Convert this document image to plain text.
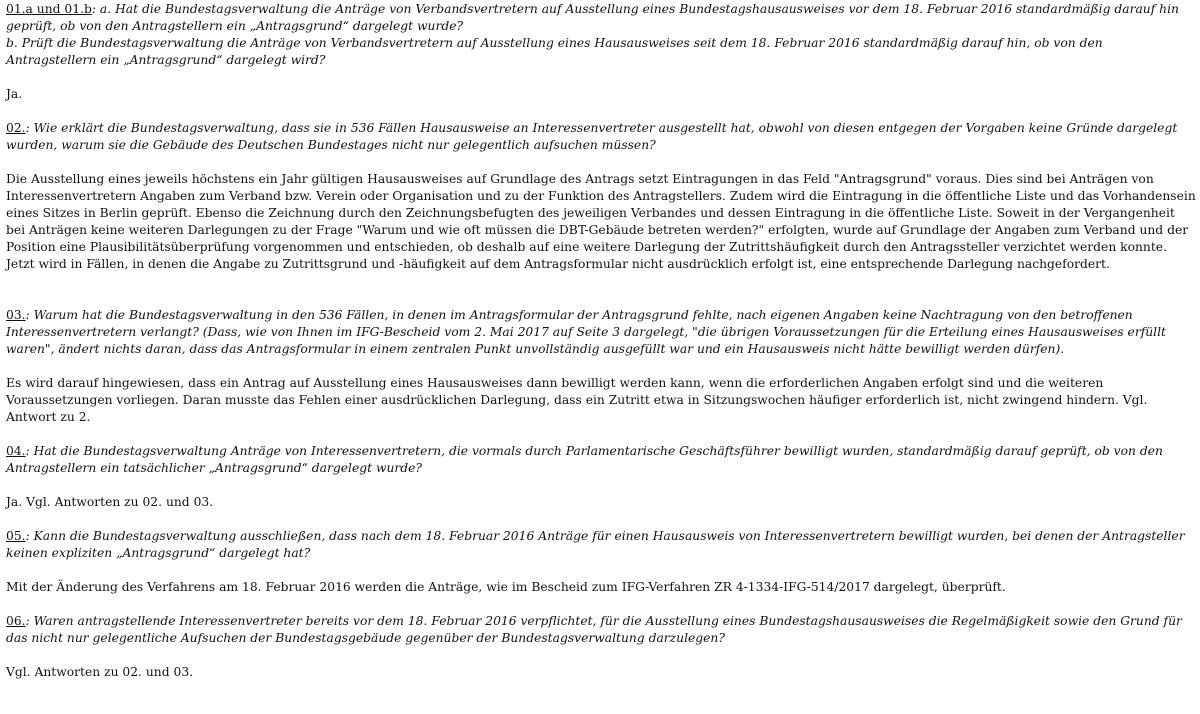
01.a und 01.b: a. Hat die Bundestagsverwaltung die Anträge von Verbandsvertretern auf Ausstellung eines Bundestagshausausweises vor dem 18. Februar 2016 standardmäßig darauf hin geprüft, ob von den Antragstellern ein „Antragsgrund“ dargelegt wurde?

b. Prüft die Bundestagsverwaltung die Anträge von Verbandsvertretern auf Ausstellung eines Hausausweises seit dem 18. Februar 2016 standardmäßig darauf hin, ob von den Antragstellern ein „Antragsgrund“ dargelegt wird?

Ja.

02.: Wie erklärt die Bundestagsverwaltung, dass sie in 536 Fällen Hausausweise an Interessenvertreter ausgestellt hat, obwohl von diesen entgegen der Vorgaben keine Gründe dargelegt wurden, warum sie die Gebäude des Deutschen Bundestages nicht nur gelegentlich aufsuchen müssen?

Die Ausstellung eines jeweils höchstens ein Jahr gültigen Hausausweises auf Grundlage des Antrags setzt Eintragungen in das Feld "Antragsgrund" voraus. Dies sind bei Anträgen von Interessenvertretern Angaben zum Verband bzw. Verein oder Organisation und zu der Funktion des Antragstellers. Zudem wird die Eintragung in die öffentliche Liste und das Vorhandensein eines Sitzes in Berlin geprüft. Ebenso die Zeichnung durch den Zeichnungsbefugten des jeweiligen Verbandes und dessen Eintragung in die öffentliche Liste. Soweit in der Vergangenheit bei Anträgen keine weiteren Darlegungen zu der Frage "Warum und wie oft müssen die DBT-Gebäude betreten werden?" erfolgten, wurde auf Grundlage der Angaben zum Verband und der Position eine Plausibilitätsüberprüfung vorgenommen und entschieden, ob deshalb auf eine weitere Darlegung der Zutrittshäufigkeit durch den Antragssteller verzichtet werden konnte. Jetzt wird in Fällen, in denen die Angabe zu Zutrittsgrund und -häufigkeit auf dem Antragsformular nicht ausdrücklich erfolgt ist, eine entsprechende Darlegung nachgefordert.

03.: Warum hat die Bundestagsverwaltung in den 536 Fällen, in denen im Antragsformular der Antragsgrund fehlte, nach eigenen Angaben keine Nachtragung von den betroffenen Interessenvertretern verlangt? (Dass, wie von Ihnen im IFG-Bescheid vom 2. Mai 2017 auf Seite 3 dargelegt, "die übrigen Voraussetzungen für die Erteilung eines Hausausweises erfüllt waren", ändert nichts daran, dass das Antragsformular in einem zentralen Punkt unvollständig ausgefüllt war und ein Hausausweis nicht hätte bewilligt werden dürfen).

Es wird darauf hingewiesen, dass ein Antrag auf Ausstellung eines Hausausweises dann bewilligt werden kann, wenn die erforderlichen Angaben erfolgt sind und die weiteren Voraussetzungen vorliegen. Daran musste das Fehlen einer ausdrücklichen Darlegung, dass ein Zutritt etwa in Sitzungswochen häufiger erforderlich ist, nicht zwingend hindern. Vgl. Antwort zu 2.

04.: Hat die Bundestagsverwaltung Anträge von Interessenvertretern, die vormals durch Parlamentarische Geschäftsführer bewilligt wurden, standardmäßig darauf geprüft, ob von den Antragstellern ein tatsächlicher „Antragsgrund“ dargelegt wurde?

Ja. Vgl. Antworten zu 02. und 03.

05.: Kann die Bundestagsverwaltung ausschließen, dass nach dem 18. Februar 2016 Anträge für einen Hausausweis von Interessenvertretern bewilligt wurden, bei denen der Antragsteller keinen expliziten „Antragsgrund“ dargelegt hat?

Mit der Änderung des Verfahrens am 18. Februar 2016 werden die Anträge, wie im Bescheid zum IFG-Verfahren ZR 4-1334-IFG-514/2017 dargelegt, überprüft.

06.: Waren antragstellende Interessenvertreter bereits vor dem 18. Februar 2016 verpflichtet, für die Ausstellung eines Bundestagshausausweises die Regelmäßigkeit sowie den Grund für das nicht nur gelegentliche Aufsuchen der Bundestagsgebäude gegenüber der Bundestagsverwaltung darzulegen?

Vgl. Antworten zu 02. und 03.
